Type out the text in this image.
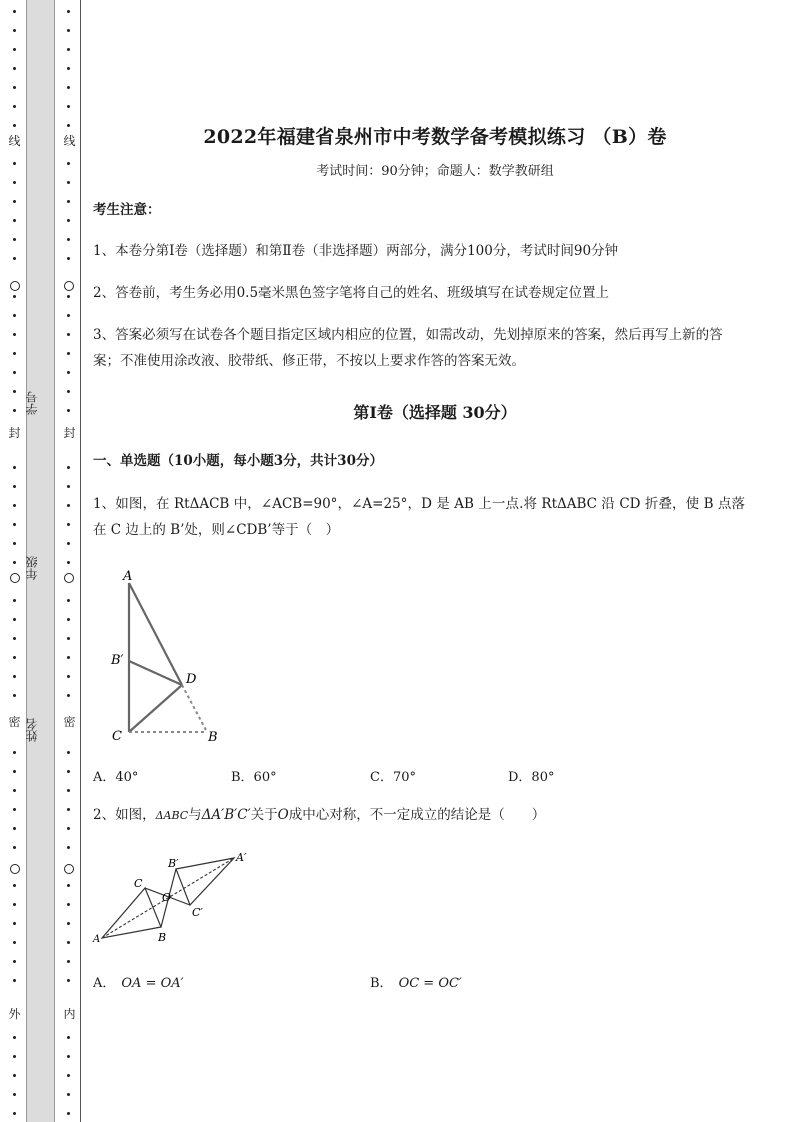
线
封
密
外
线
封
密
内
学号
年级
姓名
2022年福建省泉州市中考数学备考模拟练习 （B）卷
考试时间：90分钟；命题人：数学教研组
考生注意：
1、本卷分第Ⅰ卷（选择题）和第Ⅱ卷（非选择题）两部分，满分100分，考试时间90分钟
2、答卷前，考生务必用0.5毫米黑色签字笔将自己的姓名、班级填写在试卷规定位置上
3、答案必须写在试卷各个题目指定区域内相应的位置，如需改动，先划掉原来的答案，然后再写上新的答案；不准使用涂改液、胶带纸、修正带，不按以上要求作答的答案无效。
第Ⅰ卷（选择题 30分）
一、单选题（10小题，每小题3分，共计30分）
1、如图，在 RtΔACB 中，∠ACB=90°，∠A=25°，D 是 AB 上一点.将 RtΔABC 沿 CD 折叠，使 B 点落在 C 边上的 B’处，则∠CDB’等于（　）
A
B′
D
C	B
A．40°	B．60°	C．70°	D．80°
2、如图，ΔABC与ΔA′B′C′关于O成中心对称，不一定成立的结论是（　　）
A	B
C
O
A′
B′
C′
A． OA = OA′	B． OC = OC′
